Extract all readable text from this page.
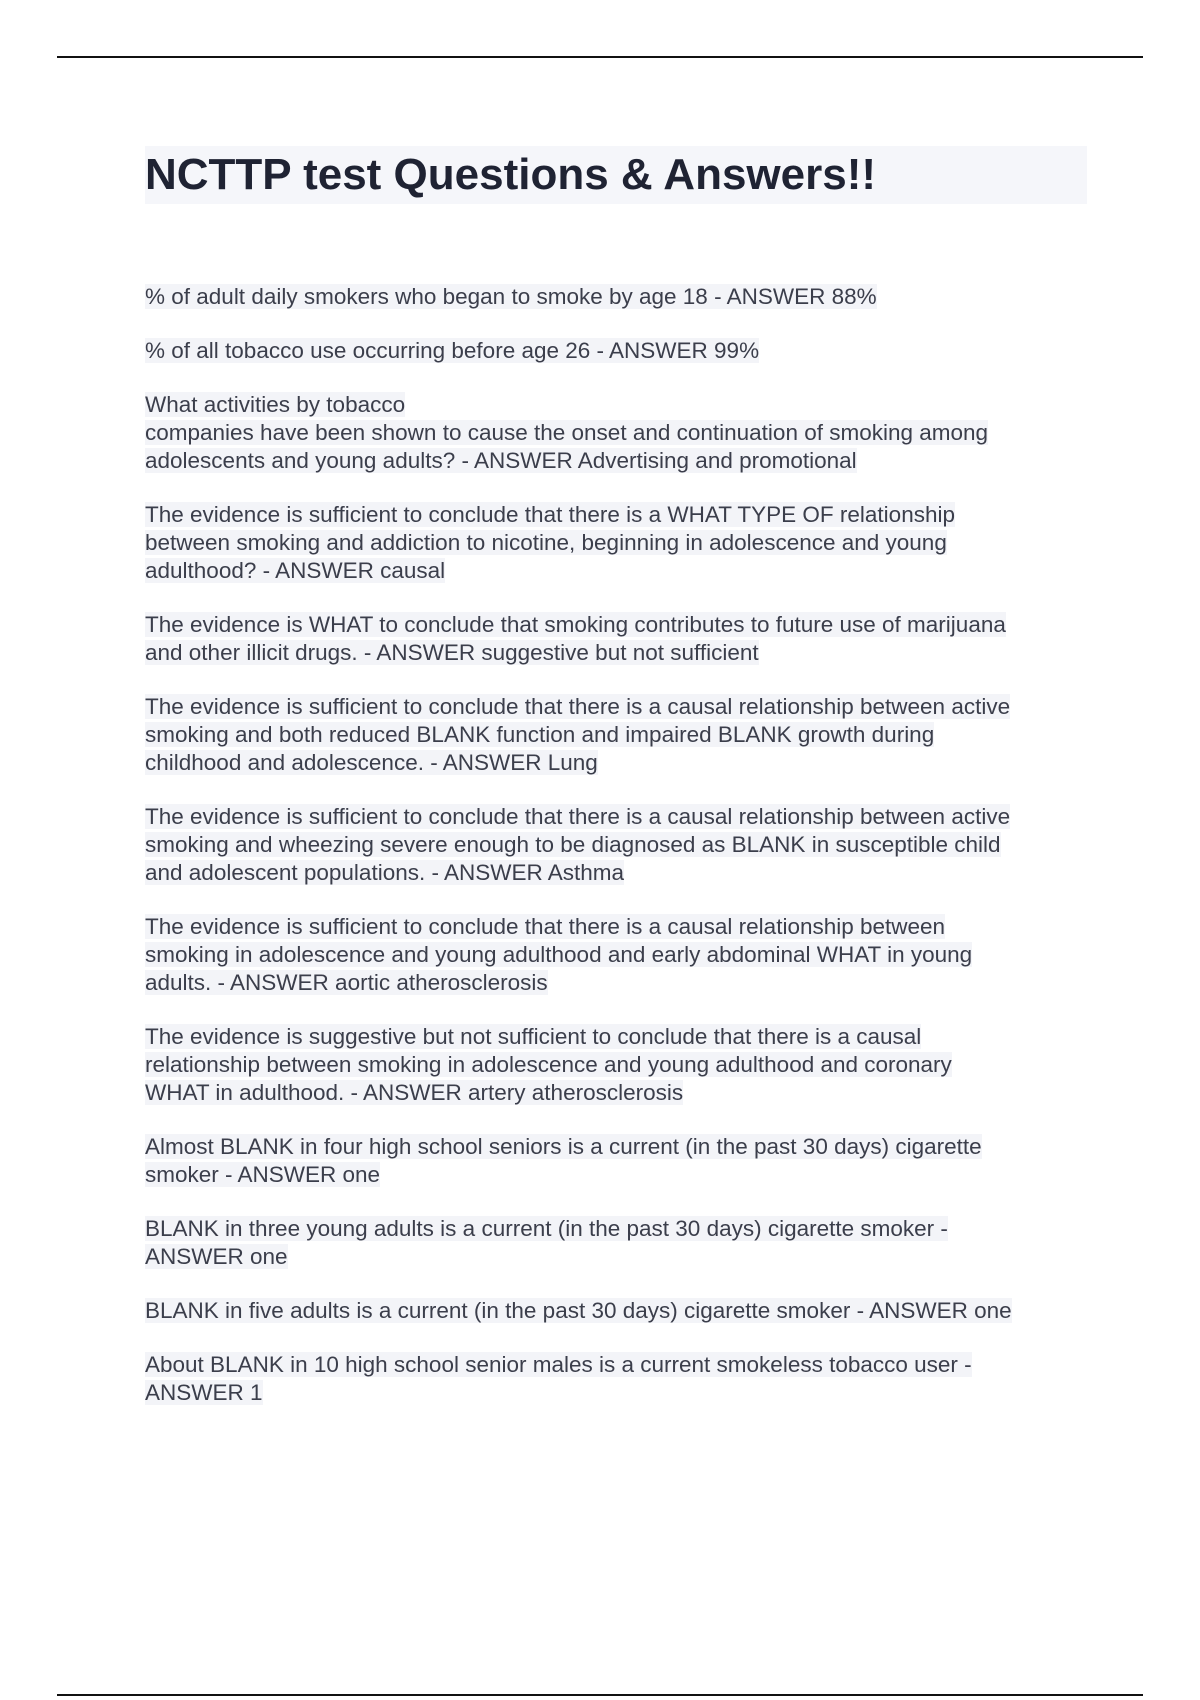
NCTTP test Questions & Answers!!
% of adult daily smokers who began to smoke by age 18 - ANSWER 88%
% of all tobacco use occurring before age 26 - ANSWER 99%
What activities by tobacco
companies have been shown to cause the onset and continuation of smoking among
adolescents and young adults? - ANSWER Advertising and promotional
The evidence is sufficient to conclude that there is a WHAT TYPE OF relationship
between smoking and addiction to nicotine, beginning in adolescence and young
adulthood? - ANSWER causal
The evidence is WHAT to conclude that smoking contributes to future use of marijuana
and other illicit drugs. - ANSWER suggestive but not sufficient
The evidence is sufficient to conclude that there is a causal relationship between active
smoking and both reduced BLANK function and impaired BLANK growth during
childhood and adolescence. - ANSWER Lung
The evidence is sufficient to conclude that there is a causal relationship between active
smoking and wheezing severe enough to be diagnosed as BLANK in susceptible child
and adolescent populations. - ANSWER Asthma
The evidence is sufficient to conclude that there is a causal relationship between
smoking in adolescence and young adulthood and early abdominal WHAT in young
adults. - ANSWER aortic atherosclerosis
The evidence is suggestive but not sufficient to conclude that there is a causal
relationship between smoking in adolescence and young adulthood and coronary
WHAT in adulthood. - ANSWER artery atherosclerosis
Almost BLANK in four high school seniors is a current (in the past 30 days) cigarette
smoker - ANSWER one
BLANK in three young adults is a current (in the past 30 days) cigarette smoker -
ANSWER one
BLANK in five adults is a current (in the past 30 days) cigarette smoker - ANSWER one
About BLANK in 10 high school senior males is a current smokeless tobacco user -
ANSWER 1
